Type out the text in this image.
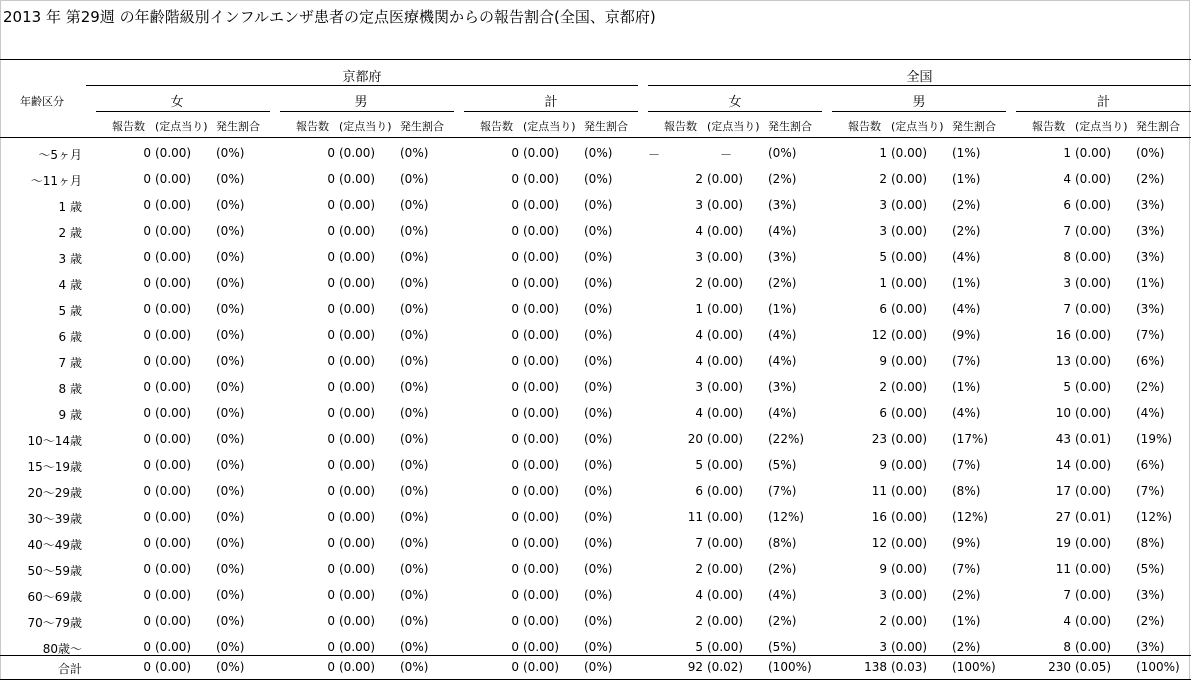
2013 年 第29週 の年齢階級別インフルエンザ患者の定点医療機関からの報告割合(全国、京都府)
京都府	全国
年齢区分	女	男	計	女	男	計
報告数 (定点当り) 発生割合	報告数 (定点当り) 発生割合	報告数 (定点当り) 発生割合	報告数 (定点当り) 発生割合	報告数 (定点当り) 発生割合	報告数 (定点当り) 発生割合
～5ヶ月	0 (0.00) (0%)	0 (0.00) (0%)	0 (0.00) (0%)	－	－	(0%)	1 (0.00) (1%)	1 (0.00) (0%)
～11ヶ月	0 (0.00) (0%)	0 (0.00) (0%)	0 (0.00) (0%)	2 (0.00) (2%)	2 (0.00) (1%)	4 (0.00) (2%)
1 歳	0 (0.00) (0%)	0 (0.00) (0%)	0 (0.00) (0%)	3 (0.00) (3%)	3 (0.00) (2%)	6 (0.00) (3%)
2 歳	0 (0.00) (0%)	0 (0.00) (0%)	0 (0.00) (0%)	4 (0.00) (4%)	3 (0.00) (2%)	7 (0.00) (3%)
3 歳	0 (0.00) (0%)	0 (0.00) (0%)	0 (0.00) (0%)	3 (0.00) (3%)	5 (0.00) (4%)	8 (0.00) (3%)
4 歳	0 (0.00) (0%)	0 (0.00) (0%)	0 (0.00) (0%)	2 (0.00) (2%)	1 (0.00) (1%)	3 (0.00) (1%)
5 歳	0 (0.00) (0%)	0 (0.00) (0%)	0 (0.00) (0%)	1 (0.00) (1%)	6 (0.00) (4%)	7 (0.00) (3%)
6 歳	0 (0.00) (0%)	0 (0.00) (0%)	0 (0.00) (0%)	4 (0.00) (4%)	12 (0.00) (9%)	16 (0.00) (7%)
7 歳	0 (0.00) (0%)	0 (0.00) (0%)	0 (0.00) (0%)	4 (0.00) (4%)	9 (0.00) (7%)	13 (0.00) (6%)
8 歳	0 (0.00) (0%)	0 (0.00) (0%)	0 (0.00) (0%)	3 (0.00) (3%)	2 (0.00) (1%)	5 (0.00) (2%)
9 歳	0 (0.00) (0%)	0 (0.00) (0%)	0 (0.00) (0%)	4 (0.00) (4%)	6 (0.00) (4%)	10 (0.00) (4%)
10～14歳	0 (0.00) (0%)	0 (0.00) (0%)	0 (0.00) (0%)	20 (0.00) (22%)	23 (0.00) (17%)	43 (0.01) (19%)
15～19歳	0 (0.00) (0%)	0 (0.00) (0%)	0 (0.00) (0%)	5 (0.00) (5%)	9 (0.00) (7%)	14 (0.00) (6%)
20～29歳	0 (0.00) (0%)	0 (0.00) (0%)	0 (0.00) (0%)	6 (0.00) (7%)	11 (0.00) (8%)	17 (0.00) (7%)
30～39歳	0 (0.00) (0%)	0 (0.00) (0%)	0 (0.00) (0%)	11 (0.00) (12%)	16 (0.00) (12%)	27 (0.01) (12%)
40～49歳	0 (0.00) (0%)	0 (0.00) (0%)	0 (0.00) (0%)	7 (0.00) (8%)	12 (0.00) (9%)	19 (0.00) (8%)
50～59歳	0 (0.00) (0%)	0 (0.00) (0%)	0 (0.00) (0%)	2 (0.00) (2%)	9 (0.00) (7%)	11 (0.00) (5%)
60～69歳	0 (0.00) (0%)	0 (0.00) (0%)	0 (0.00) (0%)	4 (0.00) (4%)	3 (0.00) (2%)	7 (0.00) (3%)
70～79歳	0 (0.00) (0%)	0 (0.00) (0%)	0 (0.00) (0%)	2 (0.00) (2%)	2 (0.00) (1%)	4 (0.00) (2%)
80歳～	0 (0.00) (0%)	0 (0.00) (0%)	0 (0.00) (0%)	5 (0.00) (5%)	3 (0.00) (2%)	8 (0.00) (3%)
合計	0 (0.00) (0%)	0 (0.00) (0%)	0 (0.00) (0%)	92 (0.02) (100%)	138 (0.03) (100%)	230 (0.05) (100%)
